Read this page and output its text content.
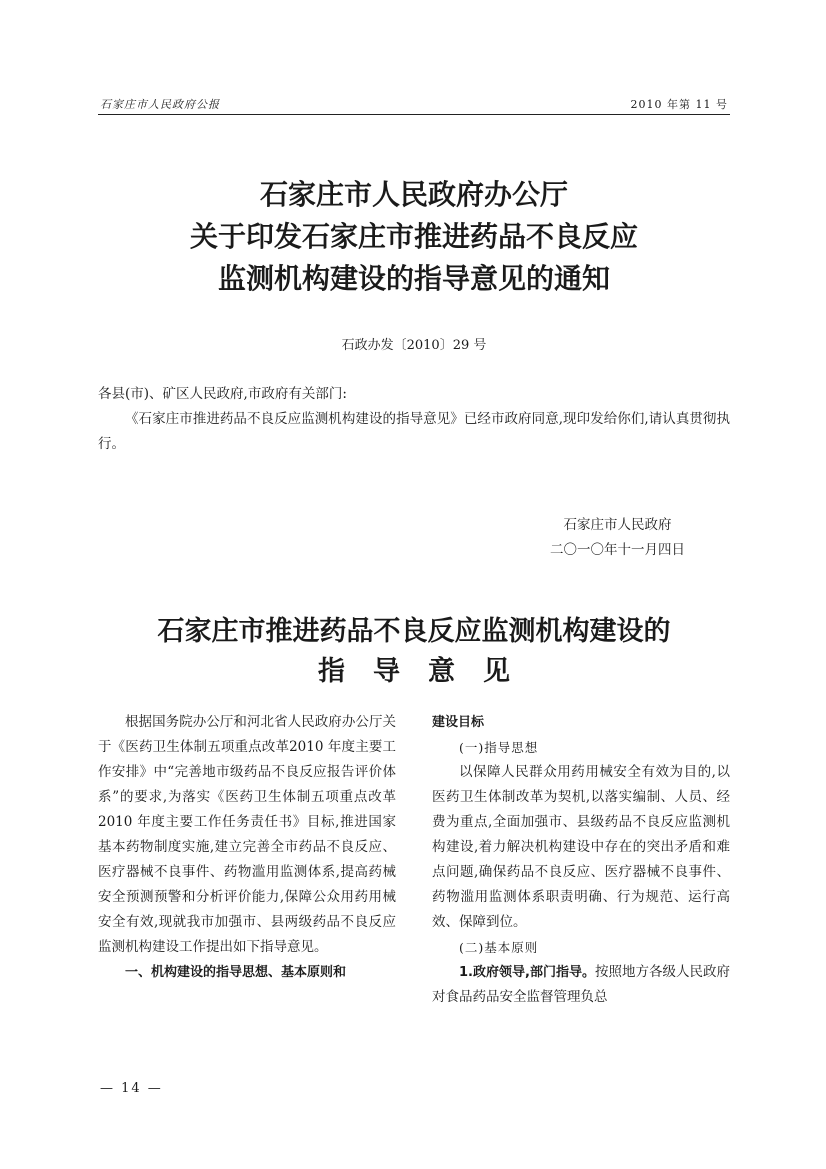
石家庄市人民政府公报	2010 年第 11 号
石家庄市人民政府办公厅
关于印发石家庄市推进药品不良反应
监测机构建设的指导意见的通知
石政办发〔2010〕29 号
各县(市)、矿区人民政府,市政府有关部门:
《石家庄市推进药品不良反应监测机构建设的指导意见》已经市政府同意,现印发给你们,请认真贯彻执行。
石家庄市人民政府
二〇一〇年十一月四日
石家庄市推进药品不良反应监测机构建设的
指导意见

根据国务院办公厅和河北省人民政府办公厅关于《医药卫生体制五项重点改革2010 年度主要工作安排》中“完善地市级药品不良反应报告评价体系”的要求,为落实《医药卫生体制五项重点改革 2010 年度主要工作任务责任书》目标,推进国家基本药物制度实施,建立完善全市药品不良反应、医疗器械不良事件、药物滥用监测体系,提高药械安全预测预警和分析评价能力,保障公众用药用械安全有效,现就我市加强市、县两级药品不良反应监测机构建设工作提出如下指导意见。

一、机构建设的指导思想、基本原则和

建设目标

(一)指导思想

以保障人民群众用药用械安全有效为目的,以医药卫生体制改革为契机,以落实编制、人员、经费为重点,全面加强市、县级药品不良反应监测机构建设,着力解决机构建设中存在的突出矛盾和难点问题,确保药品不良反应、医疗器械不良事件、药物滥用监测体系职责明确、行为规范、运行高效、保障到位。

(二)基本原则

1.政府领导,部门指导。按照地方各级人民政府对食品药品安全监督管理负总

— 14 —
